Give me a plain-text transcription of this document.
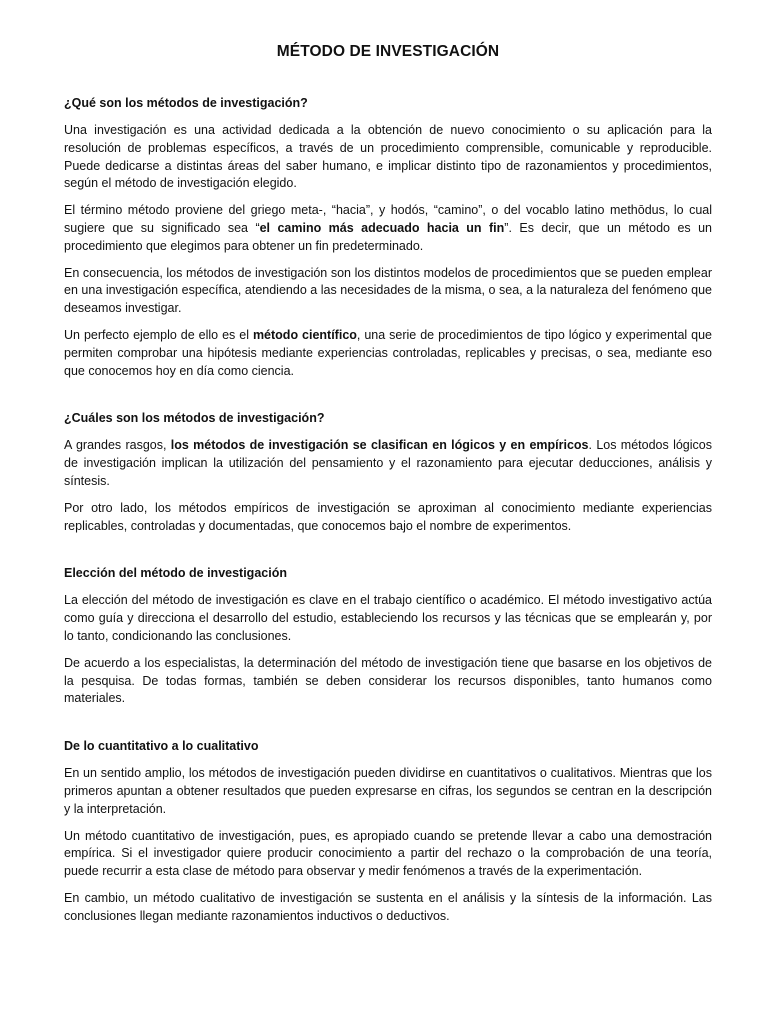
MÉTODO DE INVESTIGACIÓN
¿Qué son los métodos de investigación?

Una investigación es una actividad dedicada a la obtención de nuevo conocimiento o su aplicación para la resolución de problemas específicos, a través de un procedimiento comprensible, comunicable y reproducible. Puede dedicarse a distintas áreas del saber humano, e implicar distinto tipo de razonamientos y procedimientos, según el método de investigación elegido.

El término método proviene del griego meta-, “hacia”, y hodós, “camino”, o del vocablo latino methōdus, lo cual sugiere que su significado sea “el camino más adecuado hacia un fin”. Es decir, que un método es un procedimiento que elegimos para obtener un fin predeterminado.

En consecuencia, los métodos de investigación son los distintos modelos de procedimientos que se pueden emplear en una investigación específica, atendiendo a las necesidades de la misma, o sea, a la naturaleza del fenómeno que deseamos investigar.

Un perfecto ejemplo de ello es el método científico, una serie de procedimientos de tipo lógico y experimental que permiten comprobar una hipótesis mediante experiencias controladas, replicables y precisas, o sea, mediante eso que conocemos hoy en día como ciencia.

¿Cuáles son los métodos de investigación?

A grandes rasgos, los métodos de investigación se clasifican en lógicos y en empíricos. Los métodos lógicos de investigación implican la utilización del pensamiento y el razonamiento para ejecutar deducciones, análisis y síntesis.

Por otro lado, los métodos empíricos de investigación se aproximan al conocimiento mediante experiencias replicables, controladas y documentadas, que conocemos bajo el nombre de experimentos.

Elección del método de investigación

La elección del método de investigación es clave en el trabajo científico o académico. El método investigativo actúa como guía y direcciona el desarrollo del estudio, estableciendo los recursos y las técnicas que se emplearán y, por lo tanto, condicionando las conclusiones.

De acuerdo a los especialistas, la determinación del método de investigación tiene que basarse en los objetivos de la pesquisa. De todas formas, también se deben considerar los recursos disponibles, tanto humanos como materiales.

De lo cuantitativo a lo cualitativo

En un sentido amplio, los métodos de investigación pueden dividirse en cuantitativos o cualitativos. Mientras que los primeros apuntan a obtener resultados que pueden expresarse en cifras, los segundos se centran en la descripción y la interpretación.

Un método cuantitativo de investigación, pues, es apropiado cuando se pretende llevar a cabo una demostración empírica. Si el investigador quiere producir conocimiento a partir del rechazo o la comprobación de una teoría, puede recurrir a esta clase de método para observar y medir fenómenos a través de la experimentación.

En cambio, un método cualitativo de investigación se sustenta en el análisis y la síntesis de la información. Las conclusiones llegan mediante razonamientos inductivos o deductivos.
